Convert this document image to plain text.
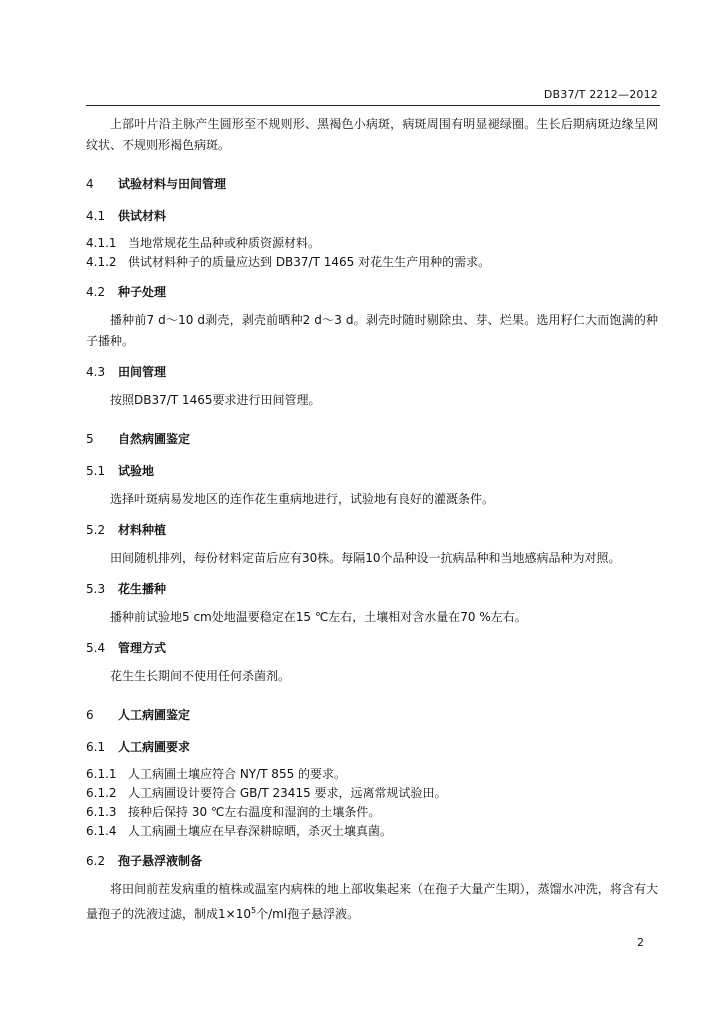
DB37/T 2212—2012

上部叶片沿主脉产生圆形至不规则形、黑褐色小病斑，病斑周围有明显褪绿圈。生长后期病斑边缘呈网纹状、不规则形褐色病斑。

4 试验材料与田间管理
4.1 供试材料

4.1.1 当地常规花生品种或种质资源材料。

4.1.2 供试材料种子的质量应达到 DB37/T 1465 对花生生产用种的需求。

4.2 种子处理

播种前7 d～10 d剥壳，剥壳前晒种2 d～3 d。剥壳时随时剔除虫、芽、烂果。选用籽仁大而饱满的种子播种。

4.3 田间管理

按照DB37/T 1465要求进行田间管理。

5 自然病圃鉴定
5.1 试验地

选择叶斑病易发地区的连作花生重病地进行，试验地有良好的灌溉条件。

5.2 材料种植

田间随机排列，每份材料定苗后应有30株。每隔10个品种设一抗病品种和当地感病品种为对照。

5.3 花生播种

播种前试验地5 cm处地温要稳定在15 ℃左右，土壤相对含水量在70 %左右。

5.4 管理方式

花生生长期间不使用任何杀菌剂。

6 人工病圃鉴定
6.1 人工病圃要求

6.1.1 人工病圃土壤应符合 NY/T 855 的要求。

6.1.2 人工病圃设计要符合 GB/T 23415 要求，远离常规试验田。

6.1.3 接种后保持 30 ℃左右温度和湿润的土壤条件。

6.1.4 人工病圃土壤应在早春深耕晾晒，杀灭土壤真菌。

6.2 孢子悬浮液制备

将田间前茬发病重的植株或温室内病株的地上部收集起来（在孢子大量产生期），蒸馏水冲洗，将含有大量孢子的洗液过滤，制成$1\times 10^5$个/ml孢子悬浮液。

2
